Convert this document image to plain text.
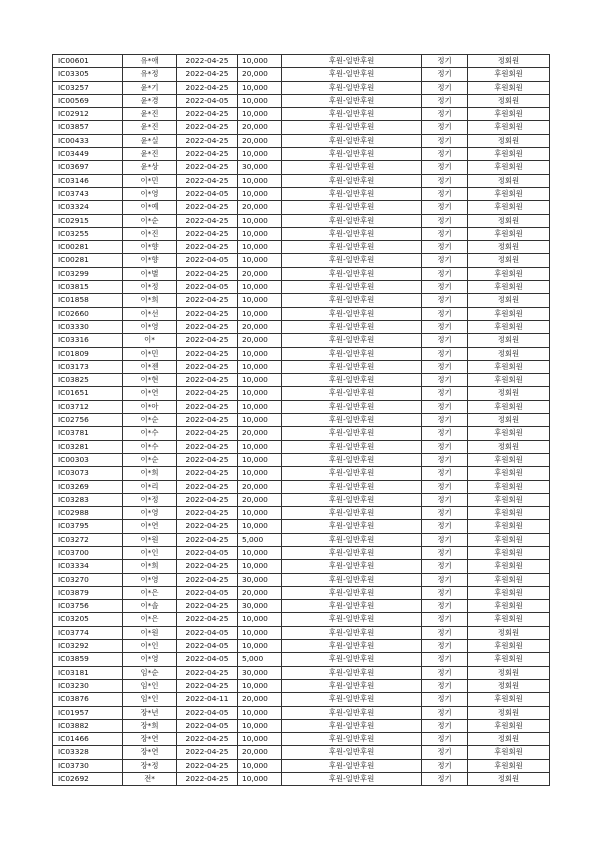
IC00601	유*애	2022-04-25	10,000	후원-일반후원	정기	정회원
IC03305	유*정	2022-04-25	20,000	후원-일반후원	정기	후원회원
IC03257	윤*기	2022-04-25	10,000	후원-일반후원	정기	후원회원
IC00569	윤*경	2022-04-05	10,000	후원-일반후원	정기	정회원
IC02912	윤*진	2022-04-25	10,000	후원-일반후원	정기	후원회원
IC03857	윤*진	2022-04-25	20,000	후원-일반후원	정기	후원회원
IC00433	윤*실	2022-04-25	20,000	후원-일반후원	정기	정회원
IC03449	윤*진	2022-04-25	10,000	후원-일반후원	정기	후원회원
IC03697	윤*상	2022-04-25	30,000	후원-일반후원	정기	후원회원
IC03146	이*민	2022-04-25	10,000	후원-일반후원	정기	정회원
IC03743	이*영	2022-04-05	10,000	후원-일반후원	정기	후원회원
IC03324	이*예	2022-04-25	20,000	후원-일반후원	정기	후원회원
IC02915	이*순	2022-04-25	10,000	후원-일반후원	정기	정회원
IC03255	이*진	2022-04-25	10,000	후원-일반후원	정기	후원회원
IC00281	이*향	2022-04-25	10,000	후원-일반후원	정기	정회원
IC00281	이*향	2022-04-05	10,000	후원-일반후원	정기	정회원
IC03299	이*별	2022-04-25	20,000	후원-일반후원	정기	후원회원
IC03815	이*정	2022-04-05	10,000	후원-일반후원	정기	후원회원
IC01858	이*희	2022-04-25	10,000	후원-일반후원	정기	정회원
IC02660	이*선	2022-04-25	10,000	후원-일반후원	정기	후원회원
IC03330	이*영	2022-04-25	20,000	후원-일반후원	정기	후원회원
IC03316	이*	2022-04-25	20,000	후원-일반후원	정기	정회원
IC01809	이*민	2022-04-25	10,000	후원-일반후원	정기	정회원
IC03173	이*젠	2022-04-25	10,000	후원-일반후원	정기	후원회원
IC03825	이*현	2022-04-25	10,000	후원-일반후원	정기	후원회원
IC01651	이*연	2022-04-25	10,000	후원-일반후원	정기	정회원
IC03712	이*아	2022-04-25	10,000	후원-일반후원	정기	후원회원
IC02756	이*순	2022-04-25	10,000	후원-일반후원	정기	정회원
IC03781	이*수	2022-04-25	20,000	후원-일반후원	정기	후원회원
IC03281	이*수	2022-04-25	10,000	후원-일반후원	정기	정회원
IC00303	이*순	2022-04-25	10,000	후원-일반후원	정기	후원회원
IC03073	이*희	2022-04-25	10,000	후원-일반후원	정기	후원회원
IC03269	이*리	2022-04-25	20,000	후원-일반후원	정기	후원회원
IC03283	이*정	2022-04-25	20,000	후원-일반후원	정기	후원회원
IC02988	이*영	2022-04-25	10,000	후원-일반후원	정기	후원회원
IC03795	이*연	2022-04-25	10,000	후원-일반후원	정기	후원회원
IC03272	이*원	2022-04-25	5,000	후원-일반후원	정기	후원회원
IC03700	이*인	2022-04-05	10,000	후원-일반후원	정기	후원회원
IC03334	이*희	2022-04-25	10,000	후원-일반후원	정기	후원회원
IC03270	이*영	2022-04-25	30,000	후원-일반후원	정기	후원회원
IC03879	이*은	2022-04-05	20,000	후원-일반후원	정기	후원회원
IC03756	이*솔	2022-04-25	30,000	후원-일반후원	정기	후원회원
IC03205	이*은	2022-04-25	10,000	후원-일반후원	정기	후원회원
IC03774	이*원	2022-04-05	10,000	후원-일반후원	정기	정회원
IC03292	이*인	2022-04-05	10,000	후원-일반후원	정기	후원회원
IC03859	이*영	2022-04-05	5,000	후원-일반후원	정기	후원회원
IC03181	임*순	2022-04-25	30,000	후원-일반후원	정기	정회원
IC03230	임*인	2022-04-25	10,000	후원-일반후원	정기	정회원
IC03876	임*인	2022-04-11	20,000	후원-일반후원	정기	후원회원
IC01957	장*년	2022-04-05	10,000	후원-일반후원	정기	정회원
IC03882	장*희	2022-04-05	10,000	후원-일반후원	정기	후원회원
IC01466	장*연	2022-04-25	10,000	후원-일반후원	정기	정회원
IC03328	장*연	2022-04-25	20,000	후원-일반후원	정기	후원회원
IC03730	장*정	2022-04-25	10,000	후원-일반후원	정기	후원회원
IC02692	전*	2022-04-25	10,000	후원-일반후원	정기	정회원
